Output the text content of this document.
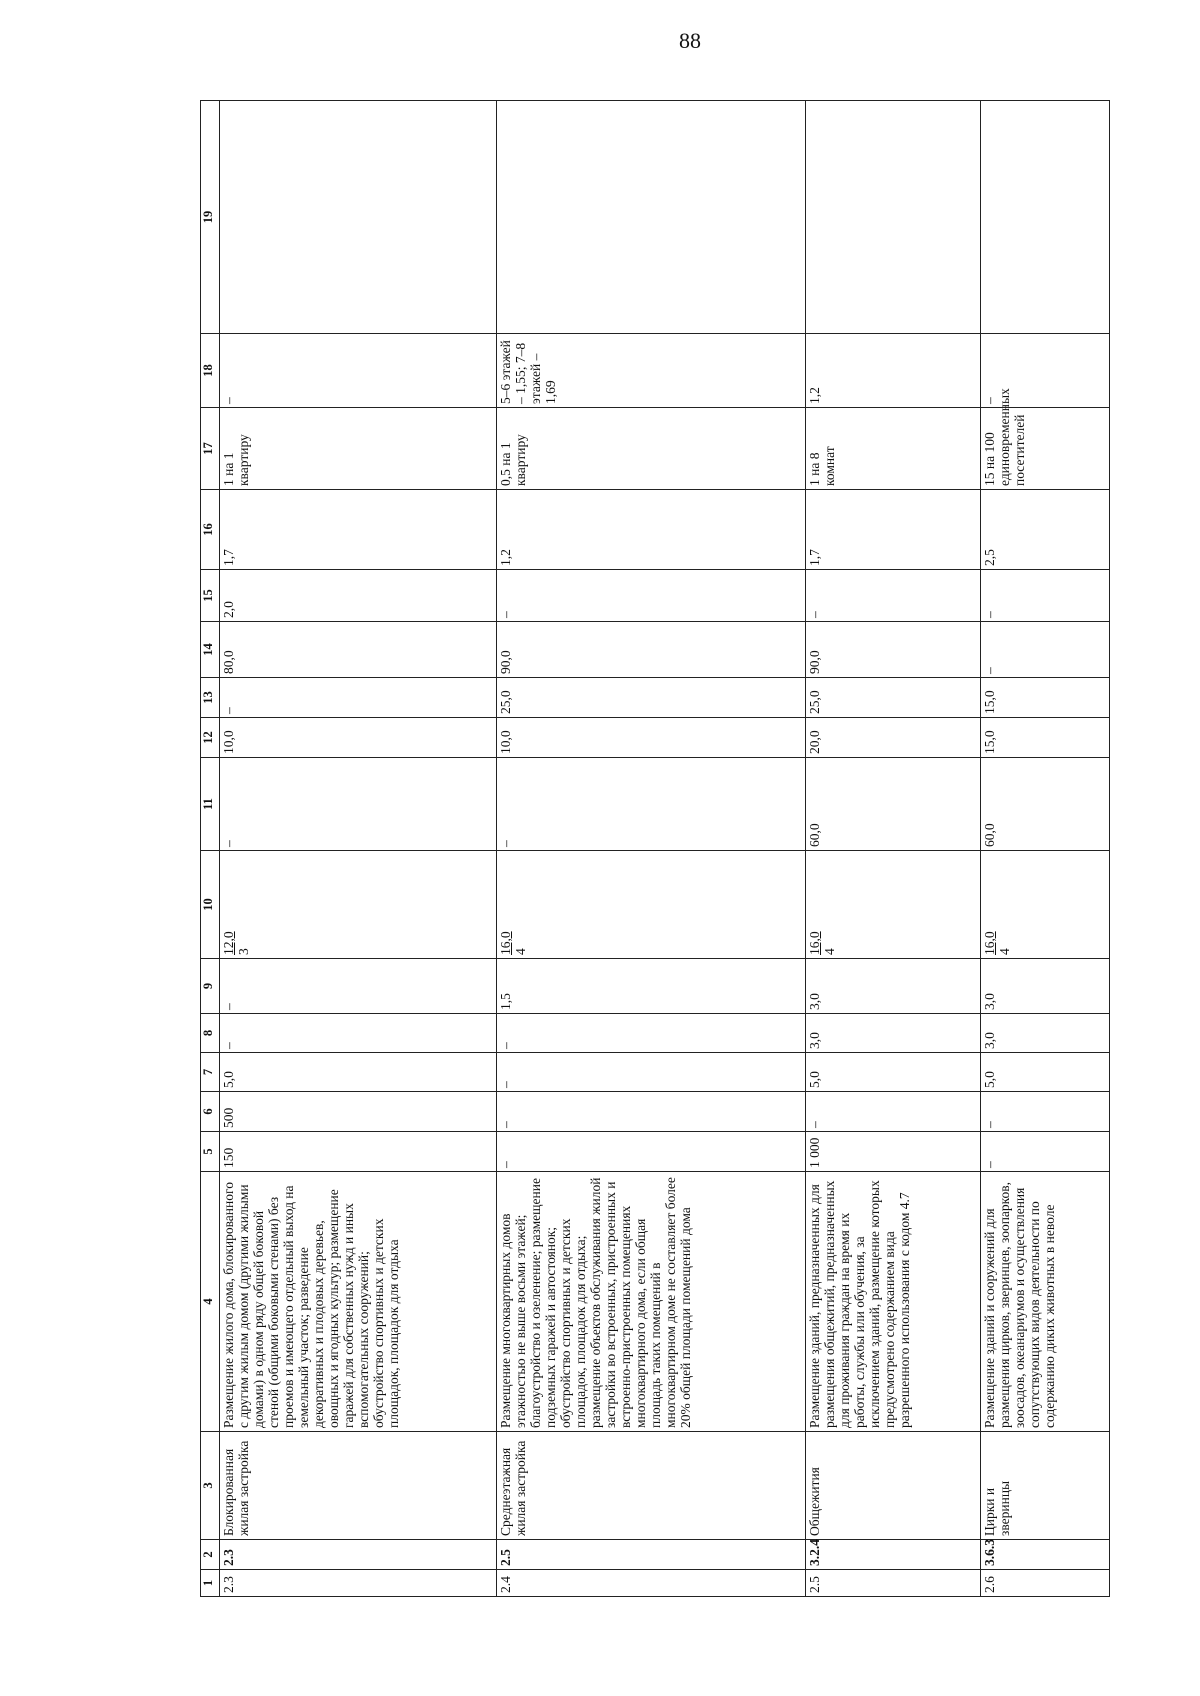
88
1	2	3	4	5	6	7	8	9	10	11	12	13	14	15	16	17	18	19
2.3	2.3	Блокированная жилая застройка	Размещение жилого дома, блокированного с другим жилым домом (другими жилыми домами) в одном ряду общей боковой стеной (общими боковыми стенами) без проемов и имеющего отдельный выход на земельный участок; разведение декоративных и плодовых деревьев, овощных и ягодных культур; размещение гаражей для собственных нужд и иных вспомогательных сооружений; обустройство спортивных и детских площадок, площадок для отдыха	150	500	5,0	–	–	12,0 3	–	10,0	–	80,0	2,0	1,7	1 на 1 квартиру	–	
2.4	2.5	Среднеэтажная жилая застройка	Размещение многоквартирных домов этажностью не выше восьми этажей; благоустройство и озеленение; размещение подземных гаражей и автостоянок; обустройство спортивных и детских площадок, площадок для отдыха; размещение объектов обслуживания жилой застройки во встроенных, пристроенных и встроенно-пристроенных помещениях многоквартирного дома, если общая площадь таких помещений в многоквартирном доме не составляет более 20% общей площади помещений дома	–	–	–	–	1,5	16,0 4	–	10,0	25,0	90,0	–	1,2	0,5 на 1 квартиру	5–6 этажей – 1,55; 7–8 этажей – 1,69	
2.5	3.2.4	Общежития	Размещение зданий, предназначенных для размещения общежитий, предназначенных для проживания граждан на время их работы, службы или обучения, за исключением зданий, размещение которых предусмотрено содержанием вида разрешенного использования с кодом 4.7	1 000	–	5,0	3,0	3,0	16,0 4	60,0	20,0	25,0	90,0	–	1,7	1 на 8 комнат	1,2	
2.6	3.6.3	Цирки и зверинцы	Размещение зданий и сооружений для размещения цирков, зверинцев, зоопарков, зоосадов, океанариумов и осуществления сопутствующих видов деятельности по содержанию диких животных в неволе	–	–	5,0	3,0	3,0	16,0 4	60,0	15,0	15,0	–	–	2,5	15 на 100 единовременных посетителей	–	
